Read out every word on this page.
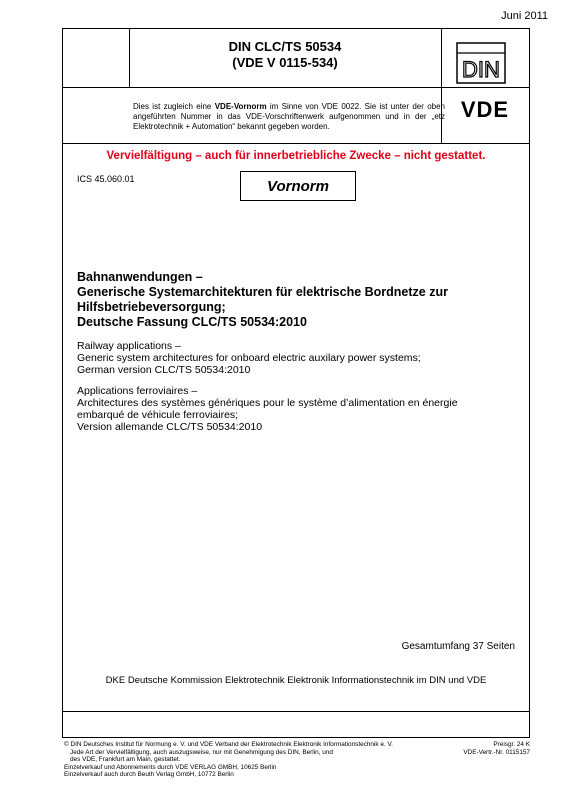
Juni 2011
DIN CLC/TS 50534
(VDE V 0115-534)	DIN
Dies ist zugleich eine VDE-Vornorm im Sinne von VDE 0022. Sie ist unter der oben angeführten Nummer in das VDE-Vorschriftenwerk aufgenommen und in der „etz Elektrotechnik + Automation“ bekannt gegeben worden.
VDE
Vervielfältigung – auch für innerbetriebliche Zwecke – nicht gestattet.
ICS 45.060.01	Vornorm
Bahnanwendungen –
Generische Systemarchitekturen für elektrische Bordnetze zur
Hilfsbetriebeversorgung;
Deutsche Fassung CLC/TS 50534:2010
Railway applications –
Generic system architectures for onboard electric auxilary power systems;
German version CLC/TS 50534:2010
Applications ferroviaires –
Architectures des systèmes génériques pour le système d’alimentation en énergie
embarqué de véhicule ferroviaires;
Version allemande CLC/TS 50534:2010
Gesamtumfang 37 Seiten
DKE Deutsche Kommission Elektrotechnik Elektronik Informationstechnik im DIN und VDE
© DIN Deutsches Institut für Normung e. V. und VDE Verband der Elektrotechnik Elektronik Informationstechnik e. V.
Jede Art der Vervielfältigung, auch auszugsweise, nur mit Genehmigung des DIN, Berlin, und
des VDE, Frankfurt am Main, gestattet.
Einzelverkauf und Abonnements durch VDE VERLAG GMBH, 10625 Berlin
Einzelverkauf auch durch Beuth Verlag GmbH, 10772 Berlin
Preisgr. 24 K
VDE-Vertr.-Nr. 0115157
